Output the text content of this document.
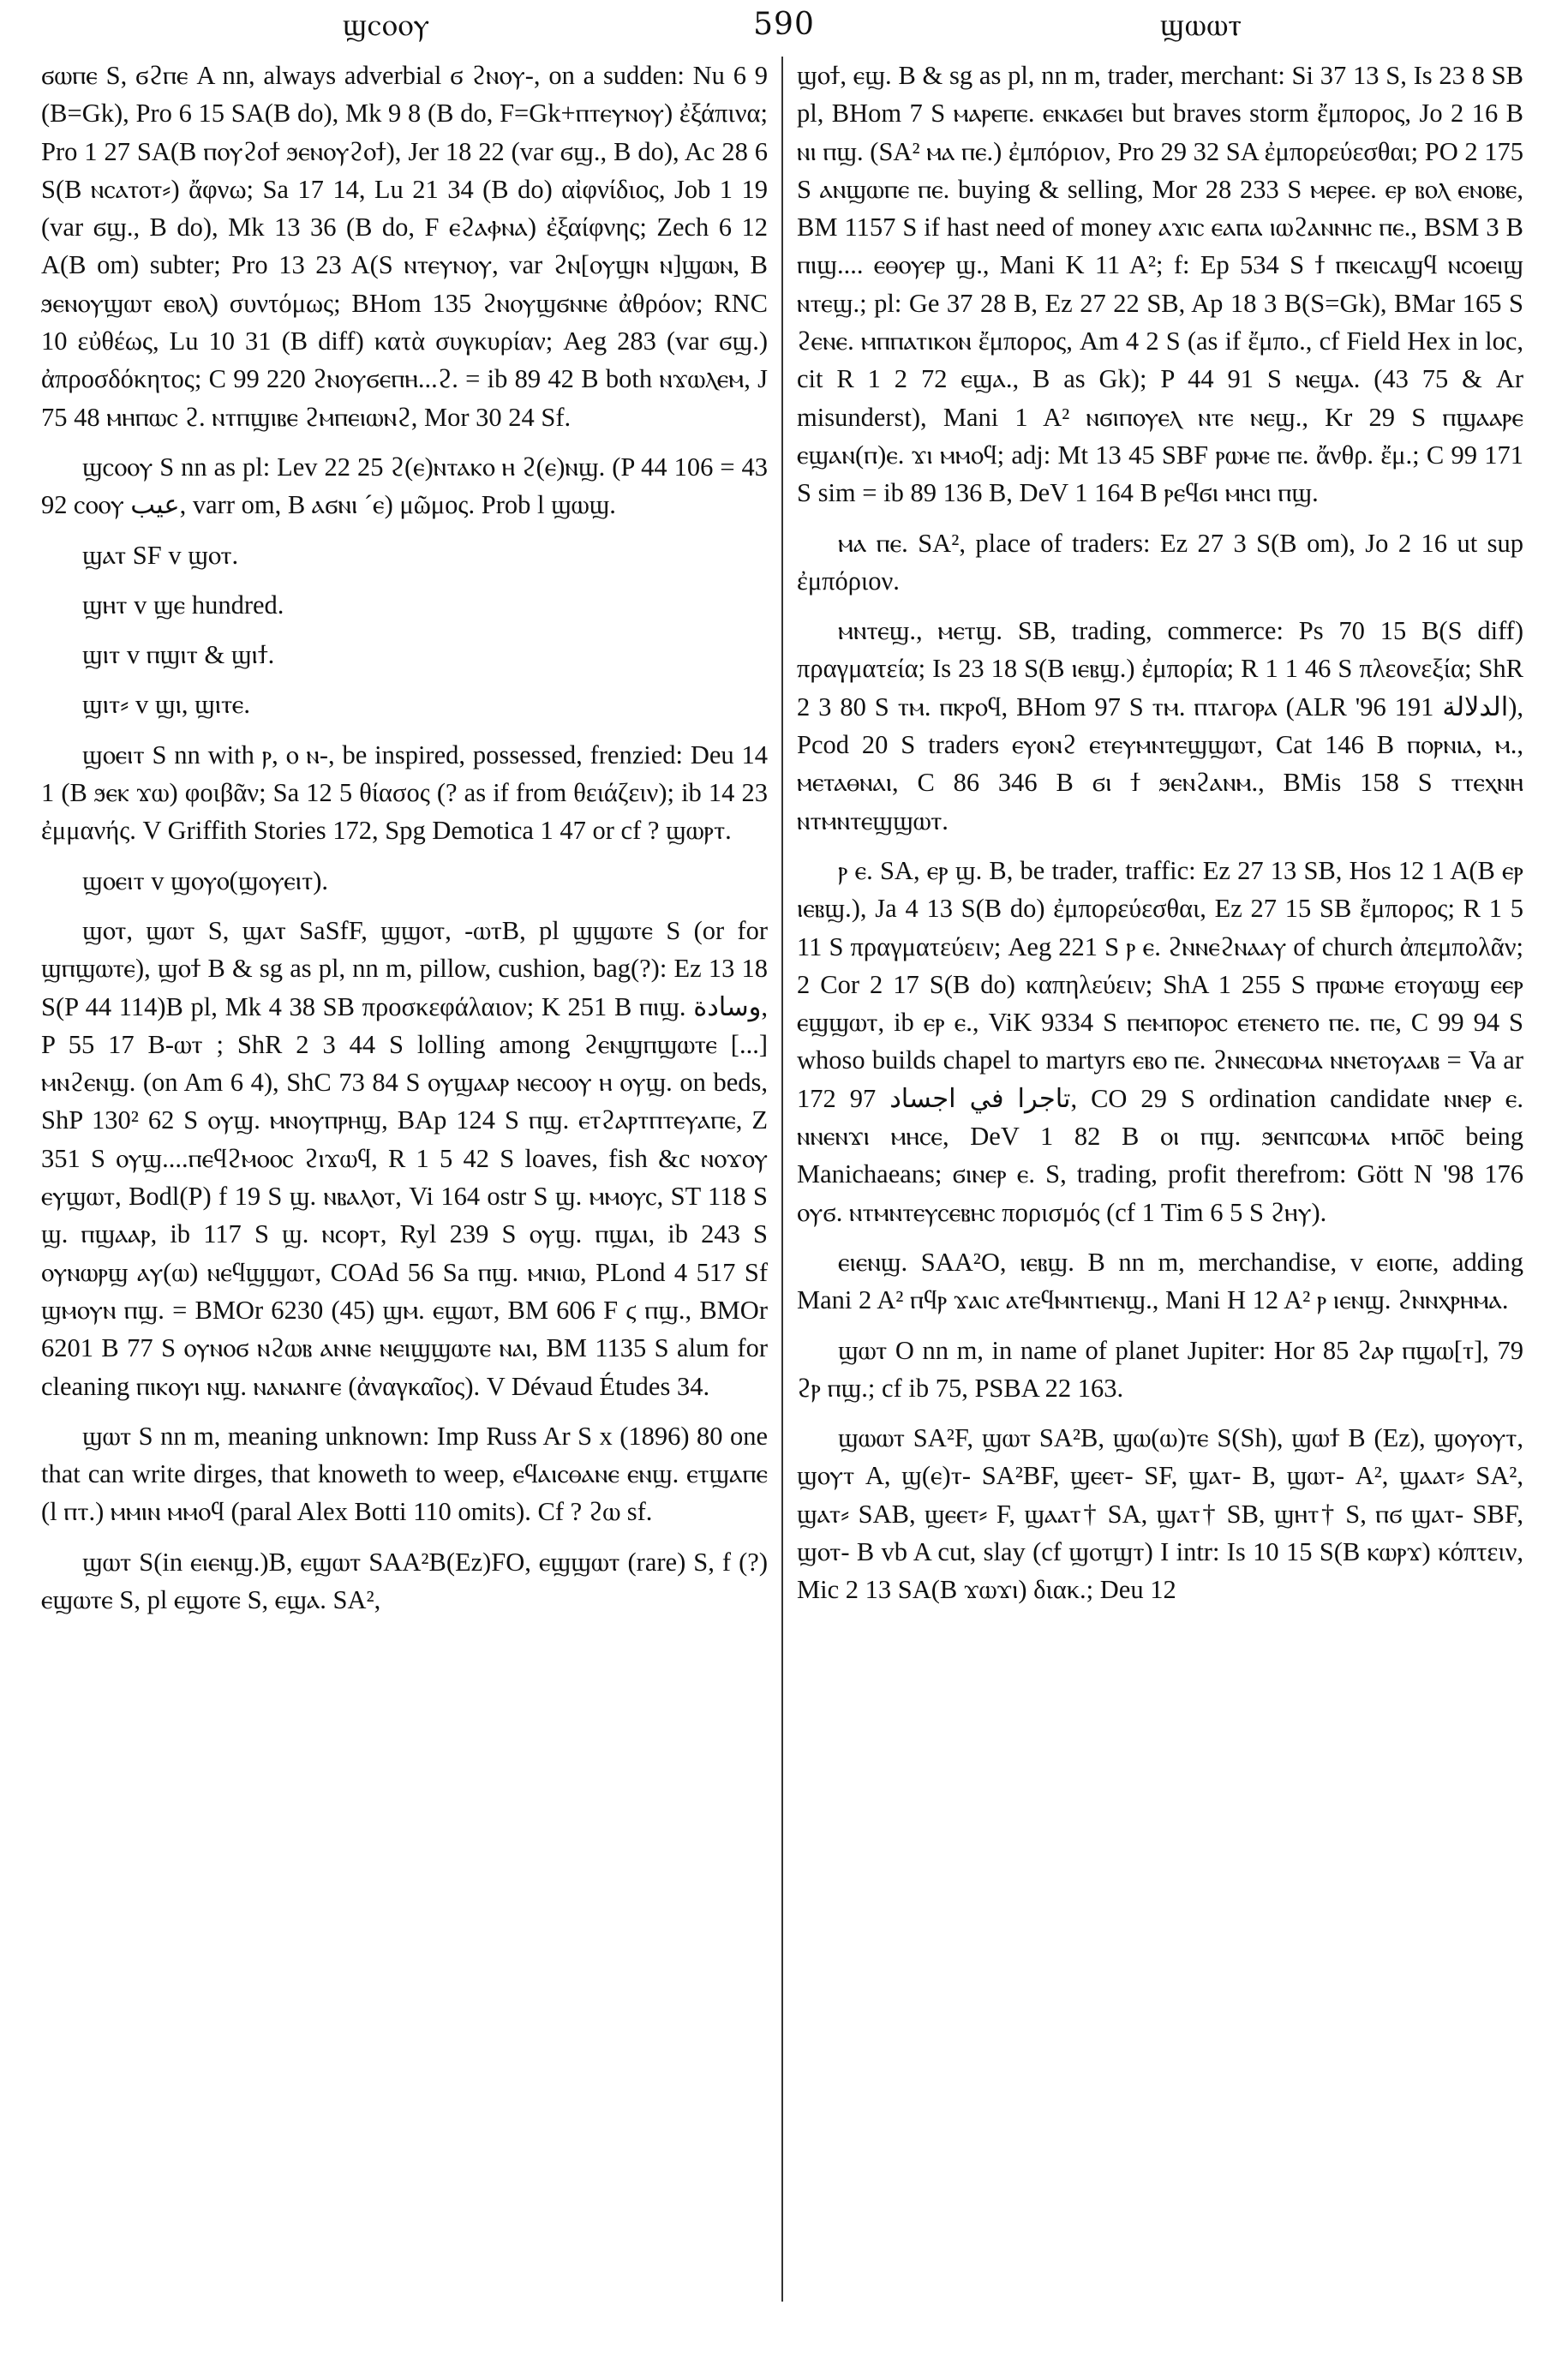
ϣⲥⲟⲟⲩ	590	ϣⲱⲱⲧ

ϭⲱⲡⲉ S, ϭϩⲡⲉ A nn, always adverbial ϭ ϩⲛⲟⲩ-, on a sudden: Nu 6 9 (B=Gk), Pro 6 15 SA(B do), Mk 9 8 (B do, F=Gk+ⲡⲧⲉⲩⲛⲟⲩ) ἐξάπινα; Pro 1 27 SA(B ⲡⲟⲩϩⲟϯ ϧⲉⲛⲟⲩϩⲟϯ), Jer 18 22 (var ϭϣ., B do), Ac 28 6 S(B ⲛⲥⲁⲧⲟⲧ⸗) ἄφνω; Sa 17 14, Lu 21 34 (B do) αἰφνίδιος, Job 1 19 (var ϭϣ., B do), Mk 13 36 (B do, F ⲉϩⲁⲫⲛⲁ) ἐξαίφνης; Zech 6 12 A(B om) subter; Pro 13 23 A(S ⲛⲧⲉⲩⲛⲟⲩ, var ϩⲛ[ⲟⲩϣⲛ ⲛ]ϣⲱⲛ, B ϧⲉⲛⲟⲩϣⲱⲧ ⲉⲃⲟⲗ) συντόμως; BHom 135 ϩⲛⲟⲩϣϭⲛⲛⲉ ἀθρόον; RNC 10 εὐθέως, Lu 10 31 (B diff) κατὰ συγκυρίαν; Aeg 283 (var ϭϣ.) ἀπροσδόκητος; C 99 220 ϩⲛⲟⲩϭⲉⲡⲏ...ϩ. = ib 89 42 B both ⲛϫⲱⲗⲉⲙ, J 75 48 ⲙⲏⲡⲱⲥ ϩ. ⲛⲧⲡϣⲓⲃⲉ ϩⲙⲡⲉⲓⲱⲛϩ, Mor 30 24 Sf.

ϣⲥⲟⲟⲩ S nn as pl: Lev 22 25 ϩ(ⲉ)ⲛⲧⲁⲕⲟ ⲏ ϩ(ⲉ)ⲛϣ. (P 44 106 = 43 92 ⲥⲟⲟⲩ عيب, varr om, B ⲁϭⲛⲓ ´ⲉ) μῶμος. Prob l ϣⲱϣ.

ϣⲁⲧ SF v ϣⲟⲧ.

ϣⲏⲧ v ϣⲉ hundred.

ϣⲓⲧ v ⲡϣⲓⲧ & ϣⲓϯ.

ϣⲓⲧ⸗ v ϣⲓ, ϣⲓⲧⲉ.

ϣⲟⲉⲓⲧ S nn with ⲣ, ⲟ ⲛ-, be inspired, possessed, frenzied: Deu 14 1 (B ϧⲉⲕ ϫⲱ) φοιβᾶν; Sa 12 5 θίασος (? as if from θειάζειν); ib 14 23 ἐμμανής. V Griffith Stories 172, Spg Demotica 1 47 or cf ? ϣⲱⲣⲧ.

ϣⲟⲉⲓⲧ v ϣⲟⲩⲟ(ϣⲟⲩⲉⲓⲧ).

ϣⲟⲧ, ϣⲱⲧ S, ϣⲁⲧ SaSfF, ϣϣⲟⲧ, -ⲱⲧB, pl ϣϣⲱⲧⲉ S (or for ϣⲡϣⲱⲧⲉ), ϣⲟϯ B & sg as pl, nn m, pillow, cushion, bag(?): Ez 13 18 S(P 44 114)B pl, Mk 4 38 SB προσκεφάλαιον; K 251 B ⲡⲓϣ. وسادة, P 55 17 B-ⲱⲧ ; ShR 2 3 44 S lolling among ϩⲉⲛϣⲡϣⲱⲧⲉ [...] ⲙⲛϩⲉⲛϣ. (on Am 6 4), ShC 73 84 S ⲟⲩϣⲁⲁⲣ ⲛⲉⲥⲟⲟⲩ ⲏ ⲟⲩϣ. on beds, ShP 130² 62 S ⲟⲩϣ. ⲙⲛⲟⲩⲡⲣⲏϣ, BAp 124 S ⲡϣ. ⲉⲧϩⲁⲣⲧⲡⲧⲉⲩⲁⲡⲉ, Z 351 S ⲟⲩϣ....ⲡⲉϥϩⲙⲟⲟⲥ ϩⲓϫⲱϥ, R 1 5 42 S loaves, fish &c ⲛⲟϫⲟⲩ ⲉⲩϣⲱⲧ, Bodl(P) f 19 S ϣ. ⲛⲃⲁⲗⲟⲧ, Vi 164 ostr S ϣ. ⲙⲙⲟⲩⲥ, ST 118 S ϣ. ⲡϣⲁⲁⲣ, ib 117 S ϣ. ⲛⲥⲟⲣⲧ, Ryl 239 S ⲟⲩϣ. ⲡϣⲁⲓ, ib 243 S ⲟⲩⲛⲱⲣϣ ⲁⲩ(ⲱ) ⲛⲉϥϣϣⲱⲧ, COAd 56 Sa ⲡϣ. ⲙⲛⲓⲱ, PLond 4 517 Sf ϣⲙⲟⲩⲛ ⲡϣ. = BMOr 6230 (45) ϣⲙ. ⲉϣⲱⲧ, BM 606 F ϛ ⲡϣ., BMOr 6201 B 77 S ⲟⲩⲛⲟϭ ⲛϩⲱⲃ ⲁⲛⲛⲉ ⲛⲉⲓϣϣⲱⲧⲉ ⲛⲁⲓ, BM 1135 S alum for cleaning ⲡⲓⲕⲟⲩⲓ ⲛϣ. ⲛⲁⲛⲁⲛⲅⲉ (ἀναγκαῖος). V Dévaud Études 34.

ϣⲱⲧ S nn m, meaning unknown: Imp Russ Ar S x (1896) 80 one that can write dirges, that knoweth to weep, ⲉϥⲁⲓⲥⲑⲁⲛⲉ ⲉⲛϣ. ⲉⲧϣⲁⲡⲉ (l ⲡⲧ.) ⲙⲙⲓⲛ ⲙⲙⲟϥ (paral Alex Botti 110 omits). Cf ? ϩⲱ sf.

ϣⲱⲧ S(in ⲉⲓⲉⲛϣ.)B, ⲉϣⲱⲧ SAA²B(Ez)FO, ⲉϣϣⲱⲧ (rare) S, f (?) ⲉϣⲱⲧⲉ S, pl ⲉϣⲟⲧⲉ S, ⲉϣⲁ. SA²,

ϣⲟϯ, ⲉϣ. B & sg as pl, nn m, trader, merchant: Si 37 13 S, Is 23 8 SB pl, BHom 7 S ⲙⲁⲣⲉⲡⲉ. ⲉⲛⲕⲁϭⲉⲓ but braves storm ἔμπορος, Jo 2 16 B ⲛⲓ ⲡϣ. (SA² ⲙⲁ ⲡⲉ.) ἐμπόριον, Pro 29 32 SA ἐμπορεύεσθαι; PO 2 175 S ⲁⲛϣⲱⲡⲉ ⲡⲉ. buying & selling, Mor 28 233 S ⲙⲉⲣⲉⲉ. ⲉⲣ ⲃⲟⲗ ⲉⲛⲟⲃⲉ, BM 1157 S if hast need of money ⲁϫⲓⲥ ⲉⲁⲡⲁ ⲓⲱϩⲁⲛⲛⲏⲥ ⲡⲉ., BSM 3 B ⲡⲓϣ.... ⲉⲑⲟⲩⲉⲣ ϣ., Mani K 11 A²; f: Ep 534 S ϯ ⲡⲕⲉⲓⲥⲁϣϥ ⲛⲥⲟⲉⲓϣ ⲛⲧⲉϣ.; pl: Ge 37 28 B, Ez 27 22 SB, Ap 18 3 B(S=Gk), BMar 165 S ϩⲉⲛⲉ. ⲙⲡⲡⲁⲧⲓⲕⲟⲛ ἔμπορος, Am 4 2 S (as if ἔμπο., cf Field Hex in loc, cit R 1 2 72 ⲉϣⲁ., B as Gk); P 44 91 S ⲛⲉϣⲁ. (43 75 & Ar misunderst), Mani 1 A² ⲛϭⲓⲡⲟⲩⲉⲗ ⲛⲧⲉ ⲛⲉϣ., Kr 29 S ⲡϣⲁⲁⲣⲉ ⲉϣⲁⲛ(ⲡ)ⲉ. ϫⲓ ⲙⲙⲟϥ; adj: Mt 13 45 SBF ⲣⲱⲙⲉ ⲡⲉ. ἄνθρ. ἔμ.; C 99 171 S sim = ib 89 136 B, DeV 1 164 B ⲣⲉϥϭⲓ ⲙⲏⲥⲓ ⲡϣ.

ⲙⲁ ⲡⲉ. SA², place of traders: Ez 27 3 S(B om), Jo 2 16 ut sup ἐμπόριον.

ⲙⲛⲧⲉϣ., ⲙⲉⲧϣ. SB, trading, commerce: Ps 70 15 B(S diff) πραγματεία; Is 23 18 S(B ⲓⲉⲃϣ.) ἐμπορία; R 1 1 46 S πλεονεξία; ShR 2 3 80 S ⲧⲙ. ⲡⲕⲣⲟϥ, BHom 97 S ⲧⲙ. ⲡⲧⲁⲅⲟⲣⲁ (ALR '96 191 الدلالة), Pcod 20 S traders ⲉⲩⲟⲛϩ ⲉⲧⲉⲩⲙⲛⲧⲉϣϣⲱⲧ, Cat 146 B ⲡⲟⲣⲛⲓⲁ, ⲙ., ⲙⲉⲧⲁⲑⲛⲁⲓ, C 86 346 B ϭⲓ ϯ ϧⲉⲛϩⲁⲛⲙ., BMis 158 S ⲧⲧⲉⲭⲛⲏ ⲛⲧⲙⲛⲧⲉϣϣⲱⲧ.

ⲣ ⲉ. SA, ⲉⲣ ϣ. B, be trader, traffic: Ez 27 13 SB, Hos 12 1 A(B ⲉⲣ ⲓⲉⲃϣ.), Ja 4 13 S(B do) ἐμπορεύεσθαι, Ez 27 15 SB ἔμπορος; R 1 5 11 S πραγματεύειν; Aeg 221 S ⲣ ⲉ. ϩⲛⲛⲉϩⲛⲁⲁⲩ of church ἀπεμπολᾶν; 2 Cor 2 17 S(B do) καπηλεύειν; ShA 1 255 S ⲡⲣⲱⲙⲉ ⲉⲧⲟⲩⲱϣ ⲉⲉⲣ ⲉϣϣⲱⲧ, ib ⲉⲣ ⲉ., ViK 9334 S ⲡⲉⲙⲡⲟⲣⲟⲥ ⲉⲧⲉⲛⲉⲧⲟ ⲡⲉ. ⲡⲉ, C 99 94 S whoso builds chapel to martyrs ⲉⲃⲟ ⲡⲉ. ϩⲛⲛⲉⲥⲱⲙⲁ ⲛⲛⲉⲧⲟⲩⲁⲁⲃ = Va ar 172 97 تاجرا في اجساد, CO 29 S ordination candidate ⲛⲛⲉⲣ ⲉ. ⲛⲛⲉⲛϫⲓ ⲙⲏⲥⲉ, DeV 1 82 B ⲟⲓ ⲡϣ. ϧⲉⲛⲡⲥⲱⲙⲁ ⲙⲡⲟ̄ⲥ̄ being Manichaeans; ϭⲓⲛⲉⲣ ⲉ. S, trading, profit therefrom: Gött N '98 176 ⲟⲩϭ. ⲛⲧⲙⲛⲧⲉⲩⲥⲉⲃⲏⲥ πορισμός (cf 1 Tim 6 5 S ϩⲏⲩ).

ⲉⲓⲉⲛϣ. SAA²O, ⲓⲉⲃϣ. B nn m, merchandise, v ⲉⲓⲟⲡⲉ, adding Mani 2 A² ⲡϥⲣ ϫⲁⲓⲥ ⲁⲧⲉϥⲙⲛⲧⲓⲉⲛϣ., Mani H 12 A² ⲣ ⲓⲉⲛϣ. ϩⲛⲛⲭⲣⲏⲙⲁ.

ϣⲱⲧ O nn m, in name of planet Jupiter: Hor 85 ϩⲁⲣ ⲡϣⲱ[ⲧ], 79 ϩⲣ ⲡϣ.; cf ib 75, PSBA 22 163.

ϣⲱⲱⲧ SA²F, ϣⲱⲧ SA²B, ϣⲱ(ⲱ)ⲧⲉ S(Sh), ϣⲱϯ B (Ez), ϣⲟⲩⲟⲩⲧ, ϣⲟⲩⲧ A, ϣ(ⲉ)ⲧ- SA²BF, ϣⲉⲉⲧ- SF, ϣⲁⲧ- B, ϣⲱⲧ- A², ϣⲁⲁⲧ⸗ SA², ϣⲁⲧ⸗ SAB, ϣⲉⲉⲧ⸗ F, ϣⲁⲁⲧ† SA, ϣⲁⲧ† SB, ϣⲏⲧ† S, ⲡϭ ϣⲁⲧ- SBF, ϣⲟⲧ- B vb A cut, slay (cf ϣⲟⲧϣⲧ) I intr: Is 10 15 S(B ⲕⲱⲣϫ) κόπτειν, Mic 2 13 SA(B ϫⲱϫⲓ) διακ.; Deu 12
